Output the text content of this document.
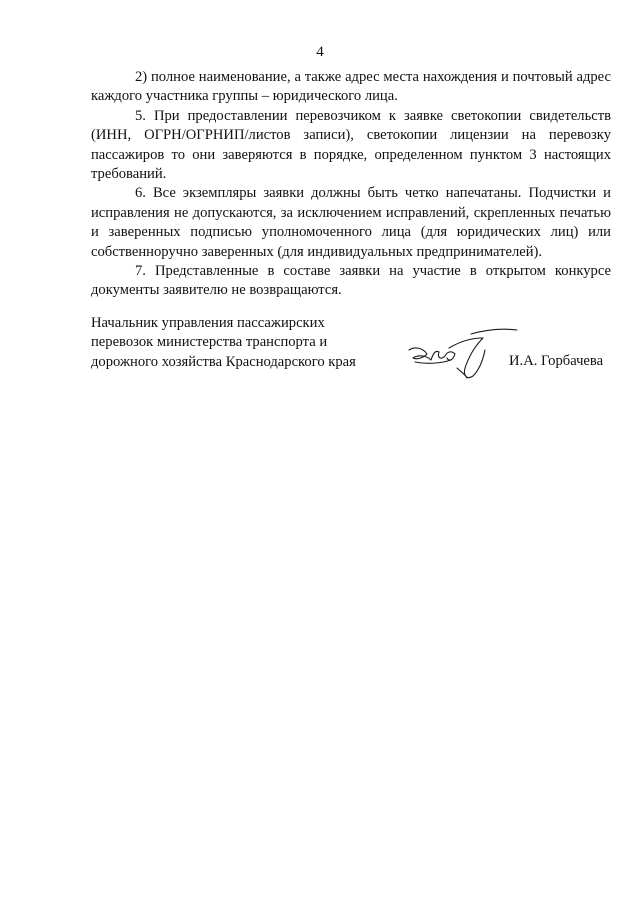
4

2) полное наименование, а также адрес места нахождения и почтовый адрес каждого участника группы – юридического лица.

5. При предоставлении перевозчиком к заявке светокопии свидетельств (ИНН, ОГРН/ОГРНИП/листов записи), светокопии лицензии на перевозку пассажиров то они заверяются в порядке, определенном пунктом 3 настоящих требований.

6. Все экземпляры заявки должны быть четко напечатаны. Подчистки и исправления не допускаются, за исключением исправлений, скрепленных печатью и заверенных подписью уполномоченного лица (для юридических лиц) или собственноручно заверенных (для индивидуальных предпринимателей).

7. Представленные в составе заявки на участие в открытом конкурсе документы заявителю не возвращаются.

Начальник управления пассажирских
перевозок министерства транспорта и
дорожного хозяйства Краснодарского края	И.А. Горбачева
